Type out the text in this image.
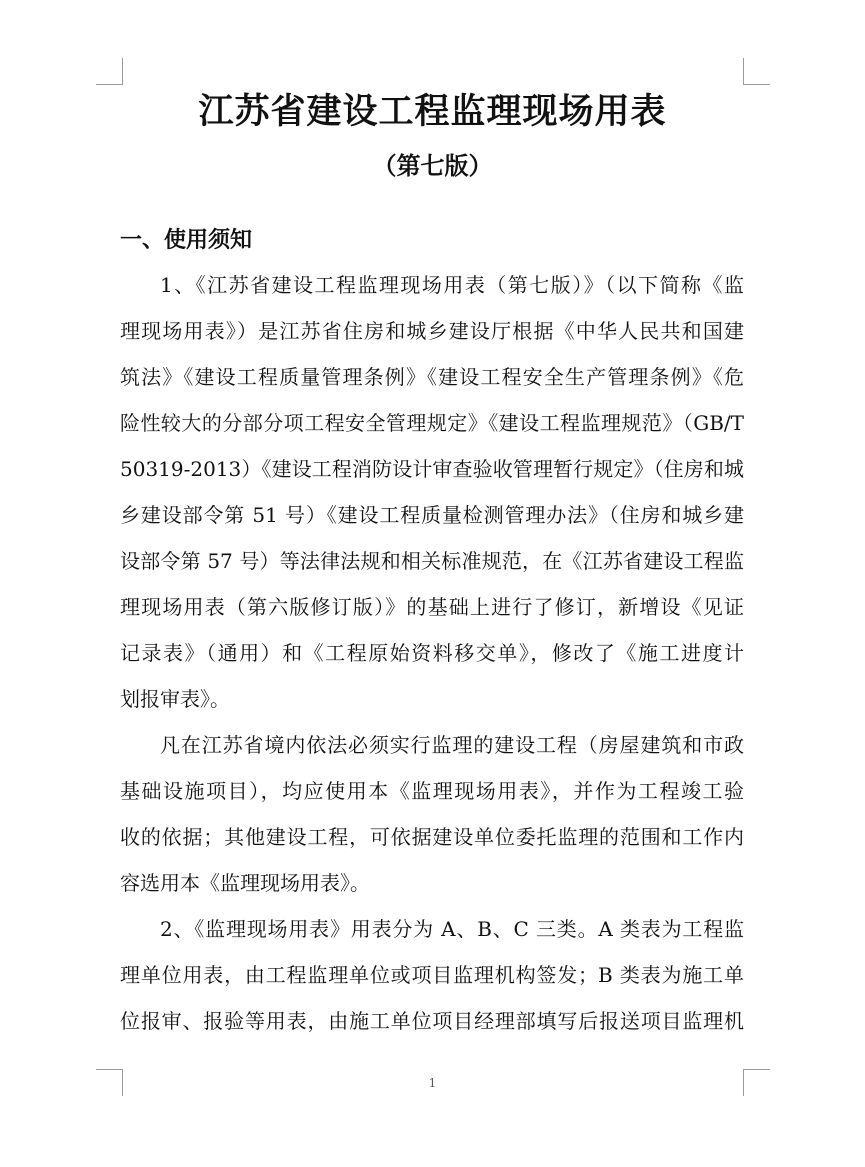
江苏省建设工程监理现场用表
（第七版）
一、使用须知
1、《江苏省建设工程监理现场用表（第七版）》（以下简称《监
理现场用表》）是江苏省住房和城乡建设厅根据《中华人民共和国建
筑法》《建设工程质量管理条例》《建设工程安全生产管理条例》《危
险性较大的分部分项工程安全管理规定》《建设工程监理规范》（GB/T
50319-2013）《建设工程消防设计审查验收管理暂行规定》（住房和城
乡建设部令第 51 号）《建设工程质量检测管理办法》（住房和城乡建
设部令第 57 号）等法律法规和相关标准规范，在《江苏省建设工程监
理现场用表（第六版修订版）》的基础上进行了修订，新增设《见证
记录表》（通用）和《工程原始资料移交单》，修改了《施工进度计
划报审表》。
凡在江苏省境内依法必须实行监理的建设工程（房屋建筑和市政
基础设施项目），均应使用本《监理现场用表》，并作为工程竣工验
收的依据；其他建设工程，可依据建设单位委托监理的范围和工作内
容选用本《监理现场用表》。
2、《监理现场用表》用表分为 A、B、C 三类。A 类表为工程监
理单位用表，由工程监理单位或项目监理机构签发；B 类表为施工单
位报审、报验等用表，由施工单位项目经理部填写后报送项目监理机
1
